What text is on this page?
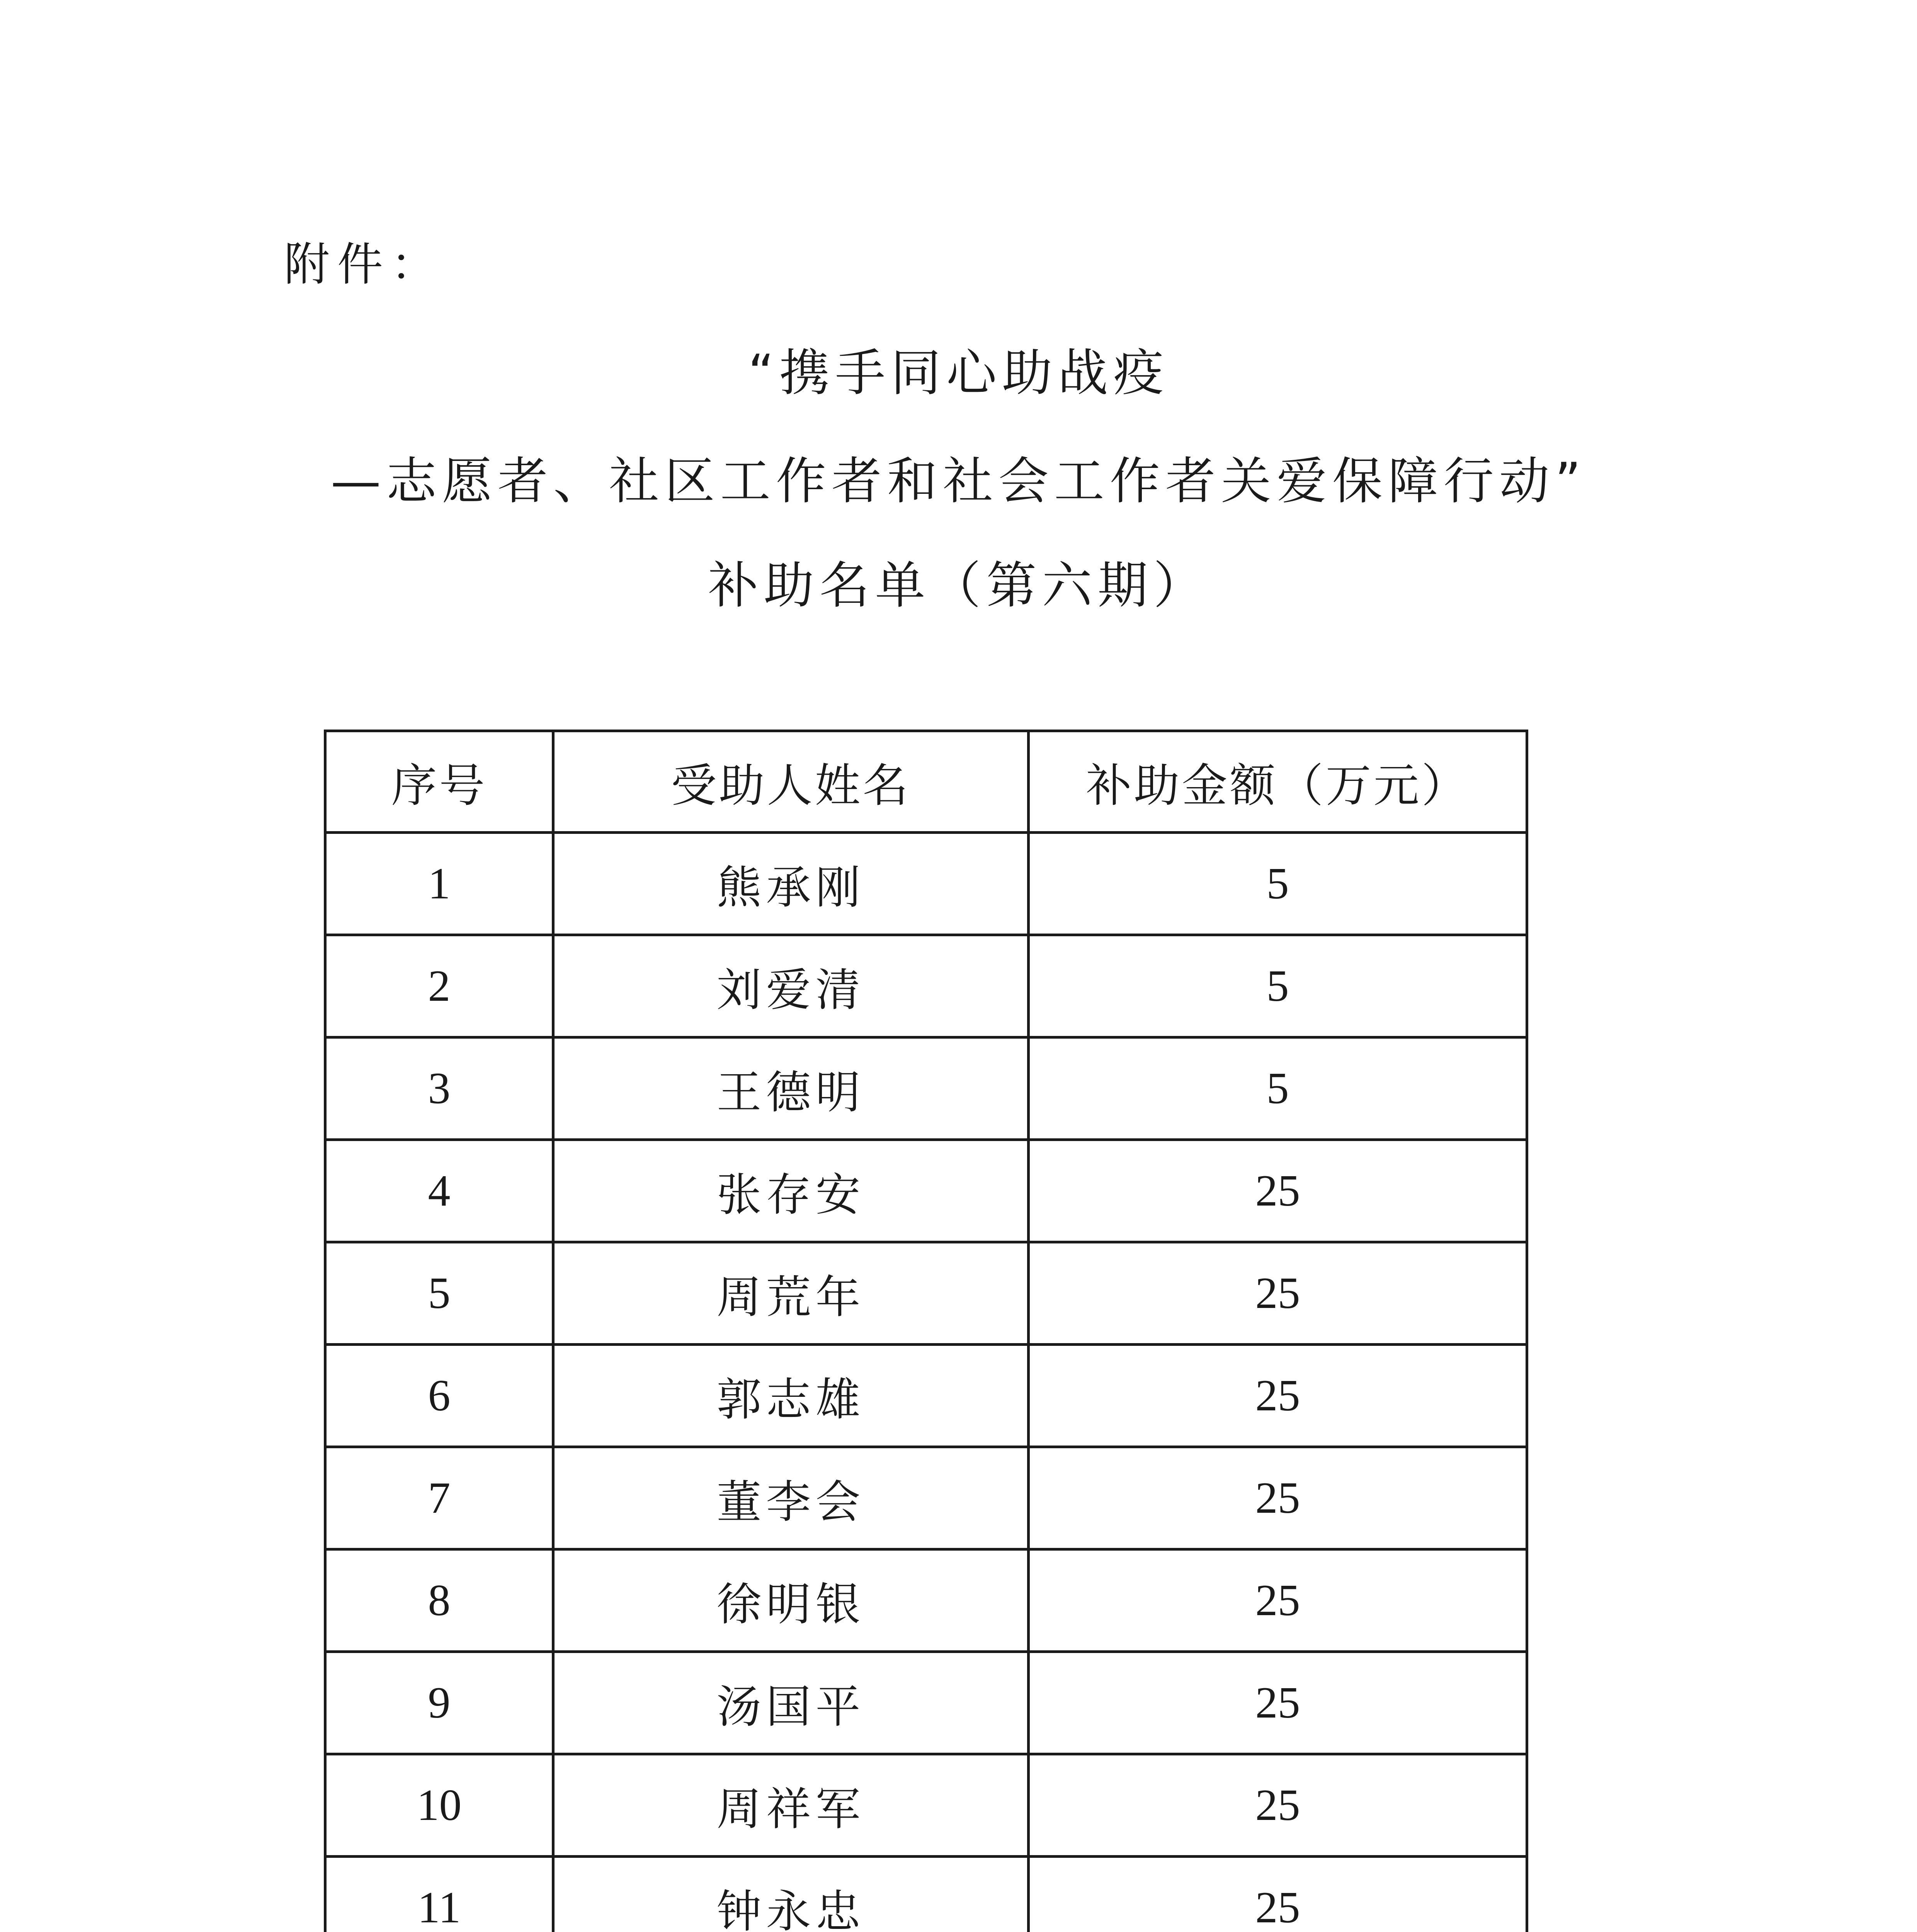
附件：
“携手同心助战疫
—志愿者、社区工作者和社会工作者关爱保障行动”
补助名单（第六期）
序号	受助人姓名	补助金额（万元）
1	熊承刚	5
2	刘爱清	5
3	王德明	5
4	张存安	25
5	周荒年	25
6	郭志雄	25
7	董李会	25
8	徐明银	25
9	汤国平	25
10	周祥军	25
11	钟永忠	25
